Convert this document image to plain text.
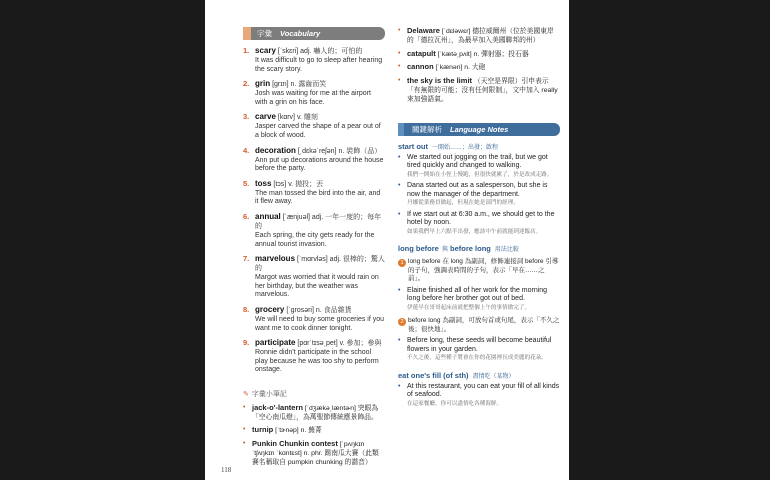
字彙 Vocabulary
1. scary [ˈskɛri] adj. 嚇人的；可怕的
It was difficult to go to sleep after hearing the scary story.
2. grin [grɪn] n. 露齒而笑
Josh was waiting for me at the airport with a grin on his face.
3. carve [kɑrv] v. 雕刻
Jasper carved the shape of a pear out of a block of wood.
4. decoration [͵dɛkəˈreʃən] n. 裝飾（品）
Ann put up decorations around the house before the party.
5. toss [tɔs] v. 拋投；丟
The man tossed the bird into the air, and it flew away.
6. annual [ˈænjuəl] adj. 一年一度的；每年的
Each spring, the city gets ready for the annual tourist invasion.
7. marvelous [ˈmɑrvləs] adj. 很棒的；驚人的
Margot was worried that it would rain on her birthday, but the weather was marvelous.
8. grocery [ˈgrosəri] n. 食品雜貨
We will need to buy some groceries if you want me to cook dinner tonight.
9. participate [pɑrˈtɪsə͵pet] v. 參加；參與
Ronnie didn't participate in the school play because he was too shy to perform onstage.
✎ 字彙小筆記
• jack-o'-lantern [ˈdʒækə͵læntɚn] 突眼為「空心南瓜燈」，為萬聖節傳統應景飾品。
• turnip [ˈtɝnəp] n. 蕪菁
• Punkin Chunkin contest [ˈpʌŋkɪn ˈtʃʌŋkɪn ˈkɑntɛst] n. phr. 踢南瓜大賽（此類賽名稱取自 pumpkin chunking 的諧音）
• Delaware [ˈdɛləwɛr] 德拉威爾州（位於美國東岸的「德拉瓦州」，為最早加入美國聯邦的州）
• catapult [ˈkætə͵pʌlt] n. 彈射器；投石器
• cannon [ˈkænən] n. 大砲
• the sky is the limit （天空是界限）引申表示「有無限的可能；沒有任何限制」，文中加入 really 來加強語氣。
關鍵解析 Language Notes
start out 一開始……；出發；啟程
• We started out jogging on the trail, but we got tired quickly and changed to walking.
我們一開始在小徑上慢跑，但很快就累了，於是改成走路。
• Dana started out as a salesperson, but she is now the manager of the department.
丹娜從業務員做起，但現在她是部門的經理。
• If we start out at 6:30 a.m., we should get to the hotel by noon.
如果我們早上六點半出發，應該中午前就能到達飯店。
long before 與 before long 用法比較
1 long before 在 long 為副詞，修飾連接詞 before 引導的子句，強調表時間的子句，表示「早在……之前」。
• Elaine finished all of her work for the morning long before her brother got out of bed.
伊蓮早在哥哥起床前就把整個上午的事情做完了。
2 before long 為副詞，可放句首或句尾，表示「不久之後；很快地」。
• Before long, these seeds will become beautiful flowers in your garden.
不久之後，這些種子將會在你的花園裡長成美麗的花朵。
eat one's fill (of sth) 盡情吃（某物）
• At this restaurant, you can eat your fill of all kinds of seafood.
在這家餐廳，你可以盡情吃各種海鮮。
118
